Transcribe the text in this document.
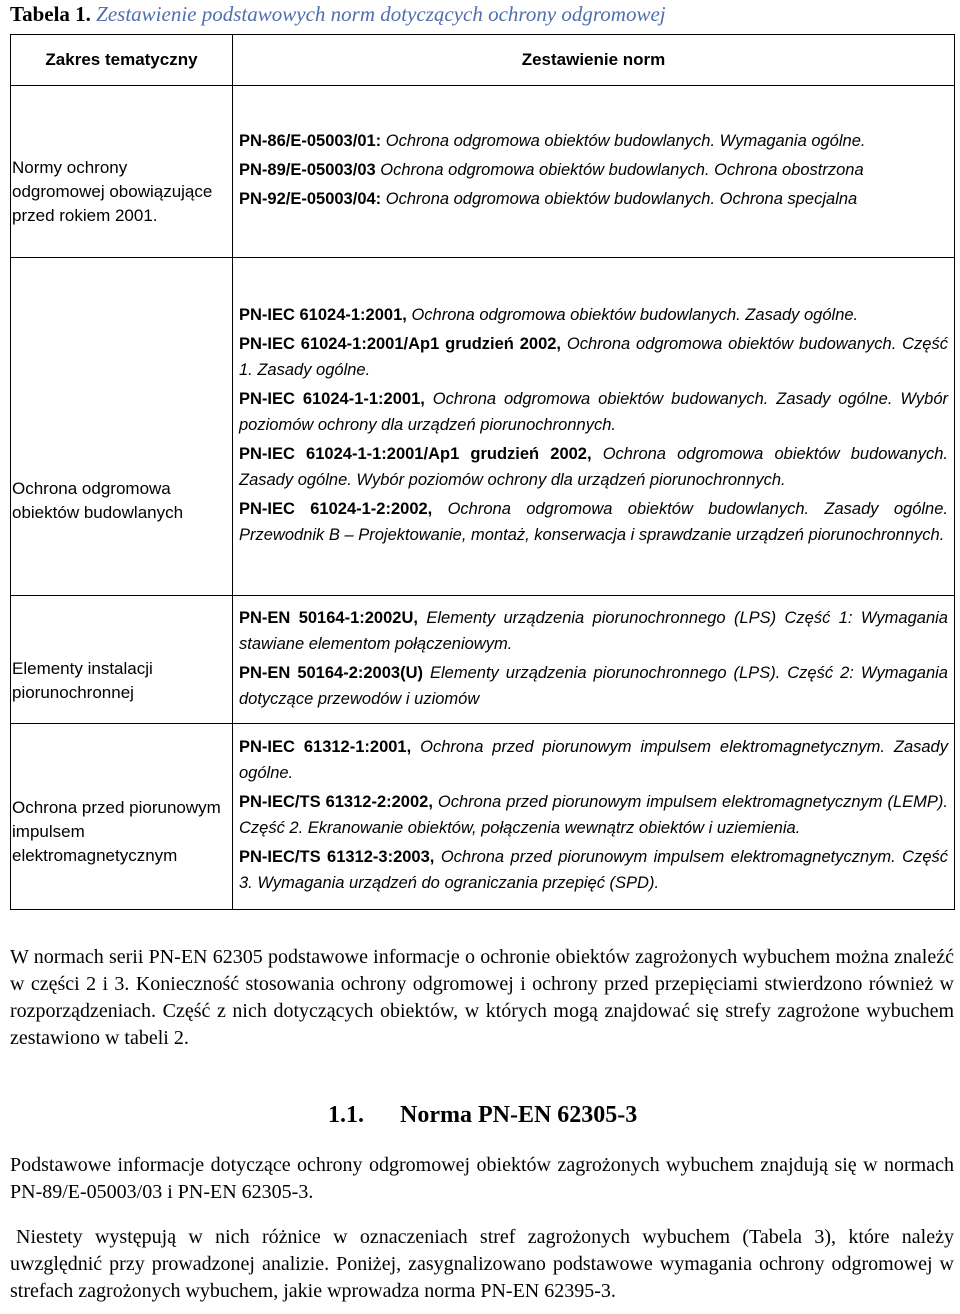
Tabela 1. Zestawienie podstawowych norm dotyczących ochrony odgromowej
Zakres tematyczny	Zestawienie norm

Normy ochrony odgromowej obowiązujące przed rokiem 2001.	PN-86/E-05003/01: Ochrona odgromowa obiektów budowlanych. Wymagania ogólne.
PN-89/E-05003/03 Ochrona odgromowa obiektów budowlanych. Ochrona obostrzona
PN-92/E-05003/04: Ochrona odgromowa obiektów budowlanych. Ochrona specjalna

Ochrona odgromowa obiektów budowlanych	PN-IEC 61024-1:2001, Ochrona odgromowa obiektów budowlanych. Zasady ogólne.
PN-IEC 61024-1:2001/Ap1 grudzień 2002, Ochrona odgromowa obiektów budowanych. Część 1. Zasady ogólne.
PN-IEC 61024-1-1:2001, Ochrona odgromowa obiektów budowanych. Zasady ogólne. Wybór poziomów ochrony dla urządzeń piorunochronnych.
PN-IEC 61024-1-1:2001/Ap1 grudzień 2002, Ochrona odgromowa obiektów budowanych. Zasady ogólne. Wybór poziomów ochrony dla urządzeń piorunochronnych.
PN-IEC 61024-1-2:2002, Ochrona odgromowa obiektów budowlanych. Zasady ogólne. Przewodnik B – Projektowanie, montaż, konserwacja i sprawdzanie urządzeń piorunochronnych.

Elementy instalacji piorunochronnej	PN-EN 50164-1:2002U, Elementy urządzenia piorunochronnego (LPS) Część 1: Wymagania stawiane elementom połączeniowym.
PN-EN 50164-2:2003(U) Elementy urządzenia piorunochronnego (LPS). Część 2: Wymagania dotyczące przewodów i uziomów

Ochrona przed piorunowym impulsem elektromagnetycznym	PN-IEC 61312-1:2001, Ochrona przed piorunowym impulsem elektromagnetycznym. Zasady ogólne.
PN-IEC/TS 61312-2:2002, Ochrona przed piorunowym impulsem elektromagnetycznym (LEMP). Część 2. Ekranowanie obiektów, połączenia wewnątrz obiektów i uziemienia.
PN-IEC/TS 61312-3:2003, Ochrona przed piorunowym impulsem elektromagnetycznym. Część 3. Wymagania urządzeń do ograniczania przepięć (SPD).
W normach serii PN-EN 62305 podstawowe informacje o ochronie obiektów zagrożonych wybuchem można znaleźć w części 2 i 3. Konieczność stosowania ochrony odgromowej i ochrony przed przepięciami stwierdzono również w rozporządzeniach. Część z nich dotyczących obiektów, w których mogą znajdować się strefy zagrożone wybuchem zestawiono w tabeli 2.
1.1. Norma PN-EN 62305-3
Podstawowe informacje dotyczące ochrony odgromowej obiektów zagrożonych wybuchem znajdują się w normach PN-89/E-05003/03 i PN-EN 62305-3.
Niestety występują w nich różnice w oznaczeniach stref zagrożonych wybuchem (Tabela 3), które należy uwzględnić przy prowadzonej analizie. Poniżej, zasygnalizowano podstawowe wymagania ochrony odgromowej w strefach zagrożonych wybuchem, jakie wprowadza norma PN-EN 62395-3.
